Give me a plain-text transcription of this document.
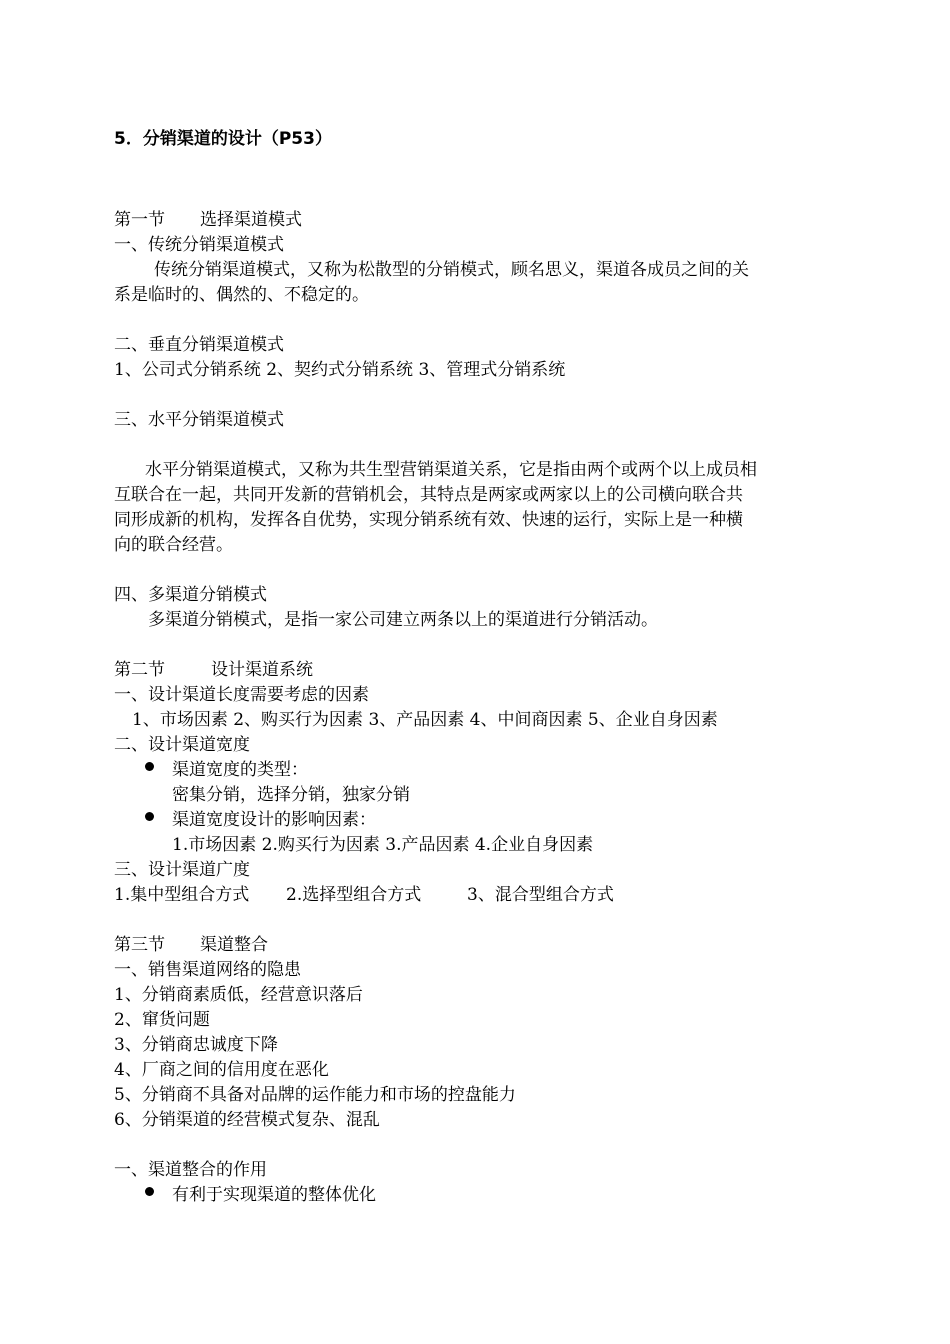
5．分销渠道的设计（P53）
第一节 选择渠道模式
一、传统分销渠道模式
传统分销渠道模式，又称为松散型的分销模式，顾名思义，渠道各成员之间的关
系是临时的、偶然的、不稳定的。
二、垂直分销渠道模式
1、公司式分销系统 2、契约式分销系统 3、管理式分销系统
三、水平分销渠道模式
水平分销渠道模式，又称为共生型营销渠道关系，它是指由两个或两个以上成员相
互联合在一起，共同开发新的营销机会，其特点是两家或两家以上的公司横向联合共
同形成新的机构，发挥各自优势，实现分销系统有效、快速的运行，实际上是一种横
向的联合经营。
四、多渠道分销模式
多渠道分销模式，是指一家公司建立两条以上的渠道进行分销活动。
第二节	设计渠道系统
一、设计渠道长度需要考虑的因素
1、市场因素 2、购买行为因素 3、产品因素 4、中间商因素 5、企业自身因素
二、设计渠道宽度
渠道宽度的类型：
密集分销，选择分销，独家分销
渠道宽度设计的影响因素：
1.市场因素 2.购买行为因素 3.产品因素 4.企业自身因素
三、设计渠道广度
1.集中型组合方式 2.选择型组合方式	3、混合型组合方式
第三节 渠道整合
一、销售渠道网络的隐患
1、分销商素质低，经营意识落后
2、窜货问题
3、分销商忠诚度下降
4、厂商之间的信用度在恶化
5、分销商不具备对品牌的运作能力和市场的控盘能力
6、分销渠道的经营模式复杂、混乱
一、渠道整合的作用
有利于实现渠道的整体优化
